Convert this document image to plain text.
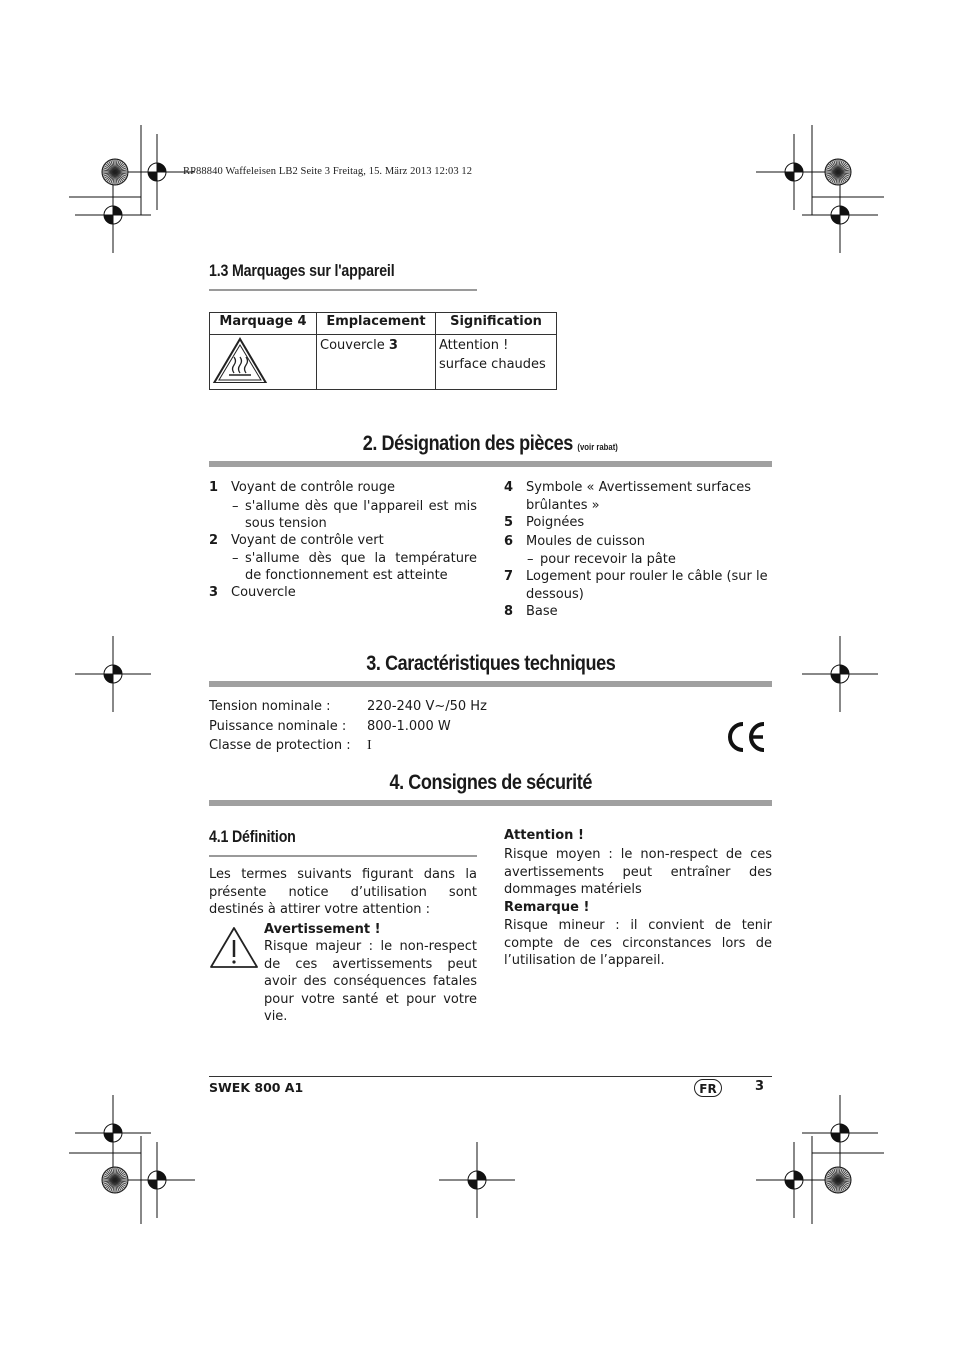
RP88840 Waffeleisen LB2 Seite 3 Freitag, 15. März 2013 12:03 12
1.3 Marquages sur l'appareil
Marquage 4	Emplacement	Signification
	Couvercle 3	Attention ! surface chaudes
2. Désignation des pièces (voir rabat)
1 Voyant de contrôle rouge
– s'allume dès que l'appareil est mis sous tension
2 Voyant de contrôle vert
– s'allume dès que la température de fonctionnement est atteinte
3 Couvercle
4 Symbole « Avertissement surfaces brûlantes »
5 Poignées
6 Moules de cuisson
– pour recevoir la pâte
7 Logement pour rouler le câble (sur le dessous)
8 Base
3. Caractéristiques techniques
Tension nominale :	220-240 V~/50 Hz
Puissance nominale : 800-1.000 W
Classe de protection : I
4. Consignes de sécurité
4.1 Définition
Les termes suivants figurant dans la présente notice d’utilisation sont destinés à attirer votre attention :
Avertissement !
Risque majeur : le non-respect de ces avertissements peut avoir des conséquences fatales pour votre santé et pour votre vie.
Attention !
Risque moyen : le non-respect de ces avertissements peut entraîner des dommages matériels
Remarque !
Risque mineur : il convient de tenir compte de ces circonstances lors de l’utilisation de l’appareil.
SWEK 800 A1	FR	3
